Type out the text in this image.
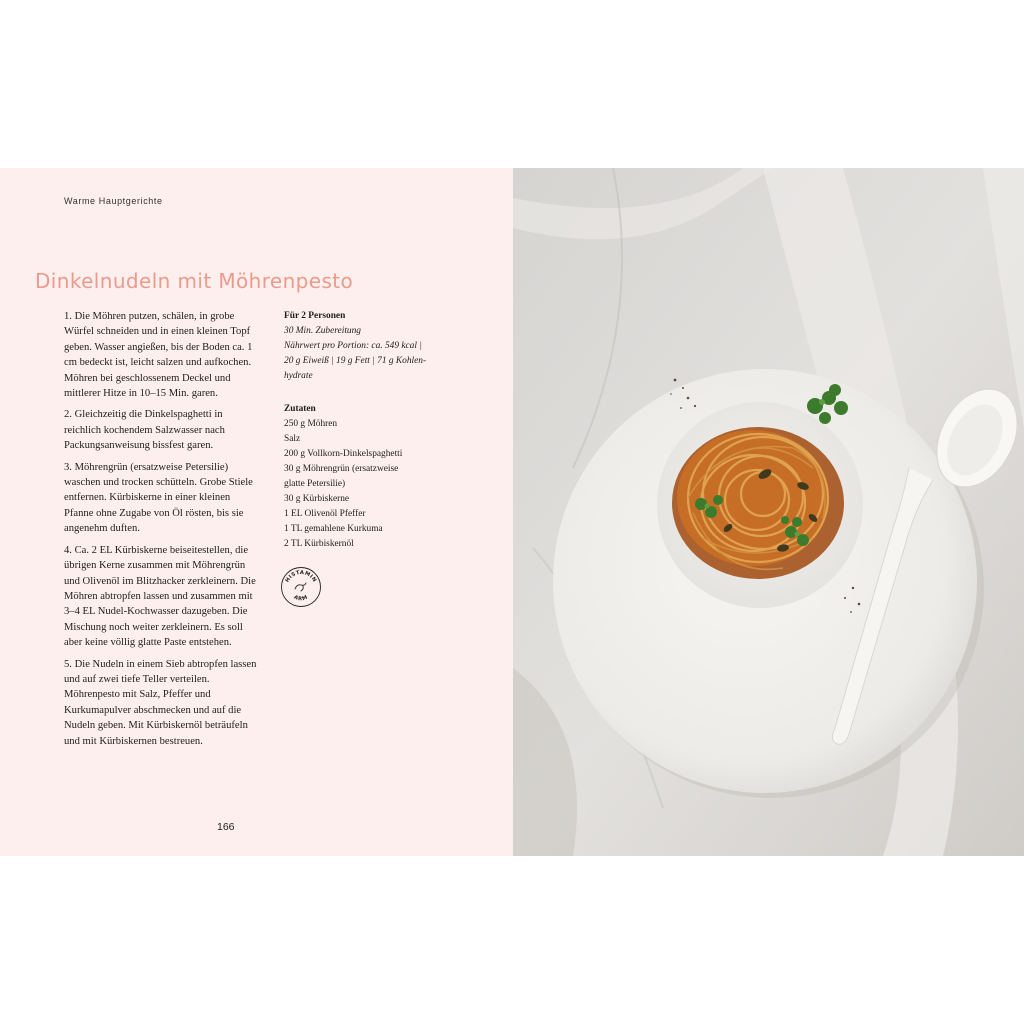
Warme Hauptgerichte
Dinkelnudeln mit Möhrenpesto

1. Die Möhren putzen, schälen, in grobe Würfel schneiden und in einen kleinen Topf geben. Wasser angießen, bis der Boden ca. 1 cm bedeckt ist, leicht salzen und aufkochen. Möhren bei geschlossenem Deckel und mittlerer Hitze in 10–15 Min. garen.

2. Gleichzeitig die Dinkelspaghetti in reichlich kochendem Salzwasser nach Packungsanweisung bissfest garen.

3. Möhrengrün (ersatzweise Petersilie) waschen und trocken schütteln. Grobe Stiele entfernen. Kürbiskerne in einer kleinen Pfanne ohne Zugabe von Öl rösten, bis sie angenehm duften.

4. Ca. 2 EL Kürbiskerne beiseitestellen, die übrigen Kerne zusammen mit Möhrengrün und Olivenöl im Blitzhacker zerkleinern. Die Möhren abtropfen lassen und zusammen mit 3–4 EL Nudel-Kochwasser dazugeben. Die Mischung noch weiter zerkleinern. Es soll aber keine völlig glatte Paste entstehen.

5. Die Nudeln in einem Sieb abtropfen lassen und auf zwei tiefe Teller verteilen. Möhrenpesto mit Salz, Pfeffer und Kurkumapulver abschmecken und auf die Nudeln geben. Mit Kürbiskernöl beträufeln und mit Kürbiskernen bestreuen.

Für 2 Personen
30 Min. Zubereitung
Nährwert pro Portion: ca. 549 kcal |
20 g Eiweiß | 19 g Fett | 71 g Kohlen-
hydrate
Zutaten
250 g Möhren
Salz
200 g Vollkorn-Dinkelspaghetti
30 g Möhrengrün (ersatzweise
glatte Petersilie)
30 g Kürbiskerne
1 EL Olivenöl Pfeffer
1 TL gemahlene Kurkuma
2 TL Kürbiskernöl
HISTAMIN
ARM
166
